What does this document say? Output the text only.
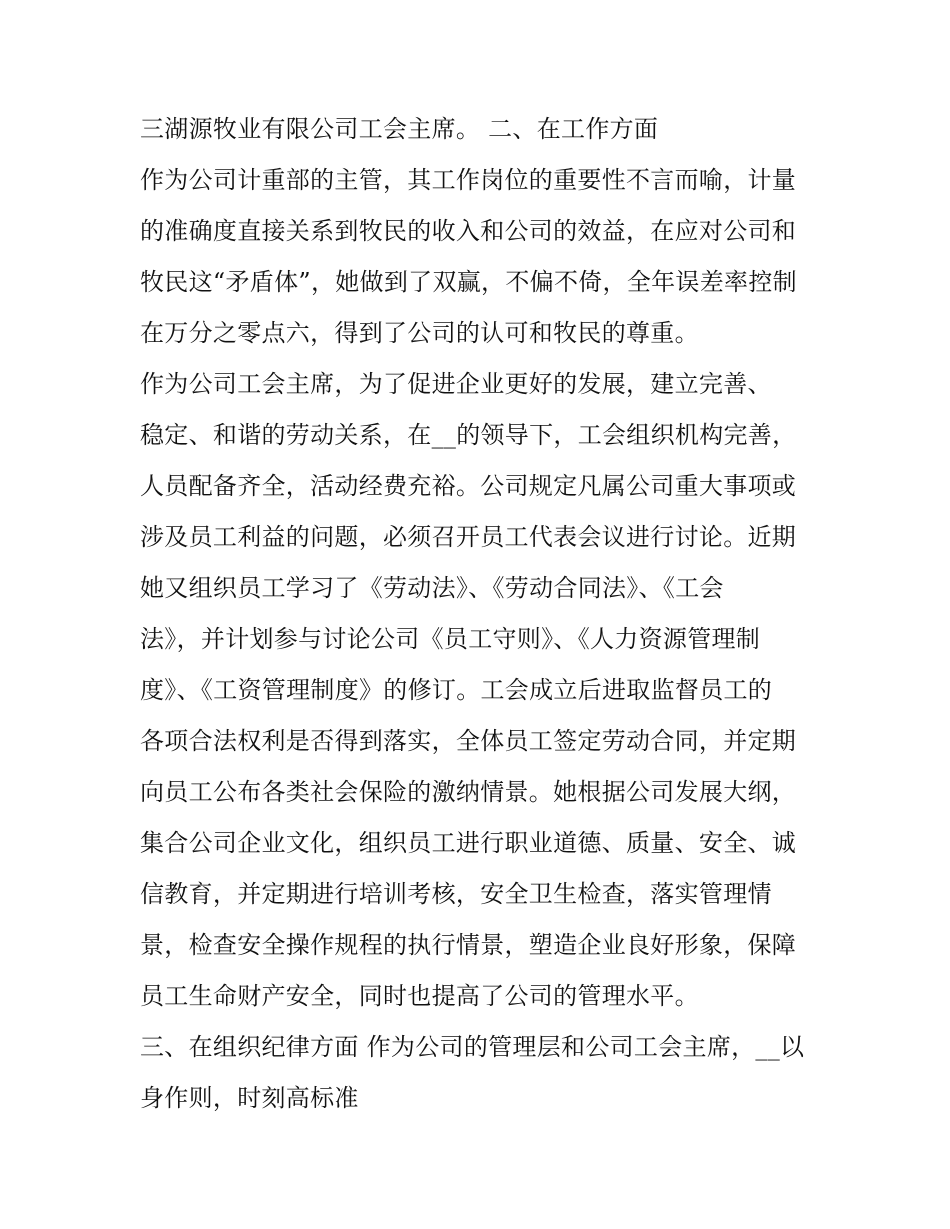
三湖源牧业有限公司工会主席。 二、在工作方面
作为公司计重部的主管，其工作岗位的重要性不言而喻，计量
的准确度直接关系到牧民的收入和公司的效益，在应对公司和
牧民这“矛盾体”，她做到了双赢，不偏不倚，全年误差率控制
在万分之零点六，得到了公司的认可和牧民的尊重。
作为公司工会主席，为了促进企业更好的发展，建立完善、
稳定、和谐的劳动关系，在__的领导下，工会组织机构完善，
人员配备齐全，活动经费充裕。公司规定凡属公司重大事项或
涉及员工利益的问题，必须召开员工代表会议进行讨论。近期
她又组织员工学习了《劳动法》、《劳动合同法》、《工会
法》，并计划参与讨论公司《员工守则》、《人力资源管理制
度》、《工资管理制度》的修订。工会成立后进取监督员工的
各项合法权利是否得到落实，全体员工签定劳动合同，并定期
向员工公布各类社会保险的激纳情景。她根据公司发展大纲，
集合公司企业文化，组织员工进行职业道德、质量、安全、诚
信教育，并定期进行培训考核，安全卫生检查，落实管理情
景，检查安全操作规程的执行情景，塑造企业良好形象，保障
员工生命财产安全，同时也提高了公司的管理水平。
三、在组织纪律方面 作为公司的管理层和公司工会主席，__以
身作则，时刻高标准
